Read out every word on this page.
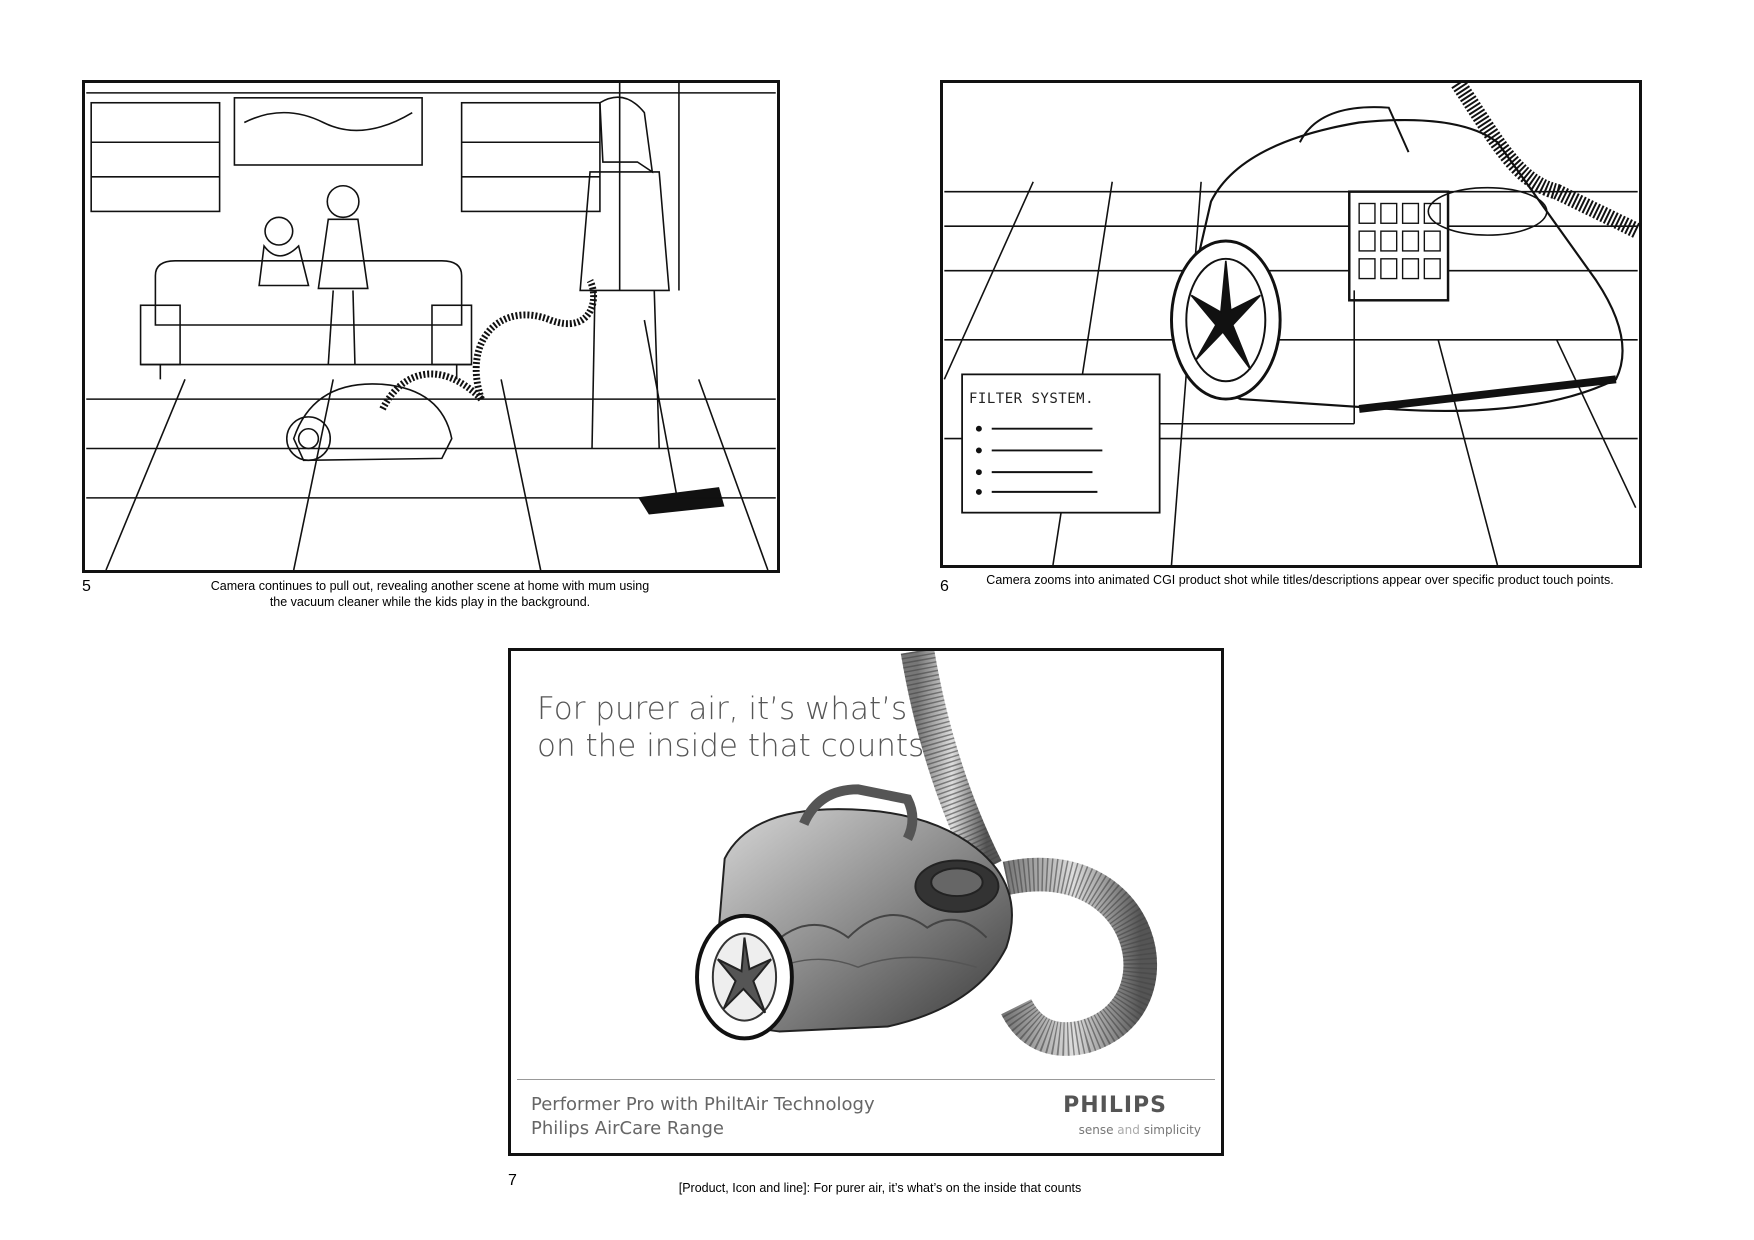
5	Camera continues to pull out, revealing another scene at home with mum using
the vacuum cleaner while the kids play in the background.
FILTER SYSTEM.
6	Camera zooms into animated CGI product shot while titles/descriptions appear over specific product touch points.
For purer air, it’s what’s
on the inside that counts
Performer Pro with PhiltAir Technology
Philips AirCare Range
PHILIPS
sense and simplicity
7	[Product, Icon and line]: For purer air, it’s what’s on the inside that counts
